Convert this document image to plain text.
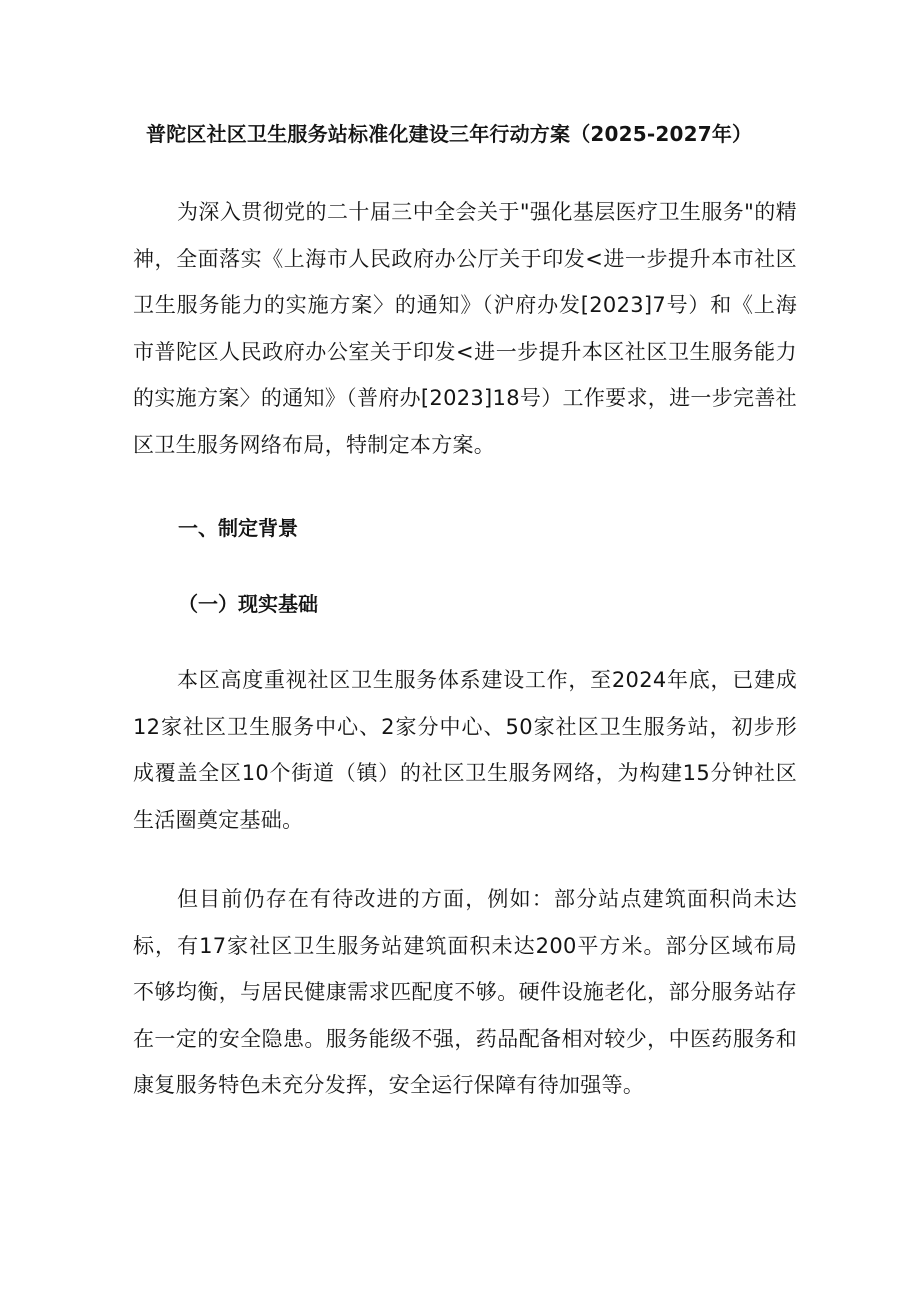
普陀区社区卫生服务站标准化建设三年行动方案（2025-2027年）
为深入贯彻党的二十届三中全会关于"强化基层医疗卫生服务"的精神，全面落实《上海市人民政府办公厅关于印发<进一步提升本市社区卫生服务能力的实施方案〉的通知》（沪府办发[2023]7号）和《上海市普陀区人民政府办公室关于印发<进一步提升本区社区卫生服务能力的实施方案〉的通知》（普府办[2023]18号）工作要求，进一步完善社区卫生服务网络布局，特制定本方案。
一、制定背景
（一）现实基础
本区高度重视社区卫生服务体系建设工作，至2024年底，已建成12家社区卫生服务中心、2家分中心、50家社区卫生服务站，初步形成覆盖全区10个街道（镇）的社区卫生服务网络，为构建15分钟社区生活圈奠定基础。
但目前仍存在有待改进的方面，例如：部分站点建筑面积尚未达标，有17家社区卫生服务站建筑面积未达200平方米。部分区域布局不够均衡，与居民健康需求匹配度不够。硬件设施老化，部分服务站存在一定的安全隐患。服务能级不强，药品配备相对较少，中医药服务和康复服务特色未充分发挥，安全运行保障有待加强等。
